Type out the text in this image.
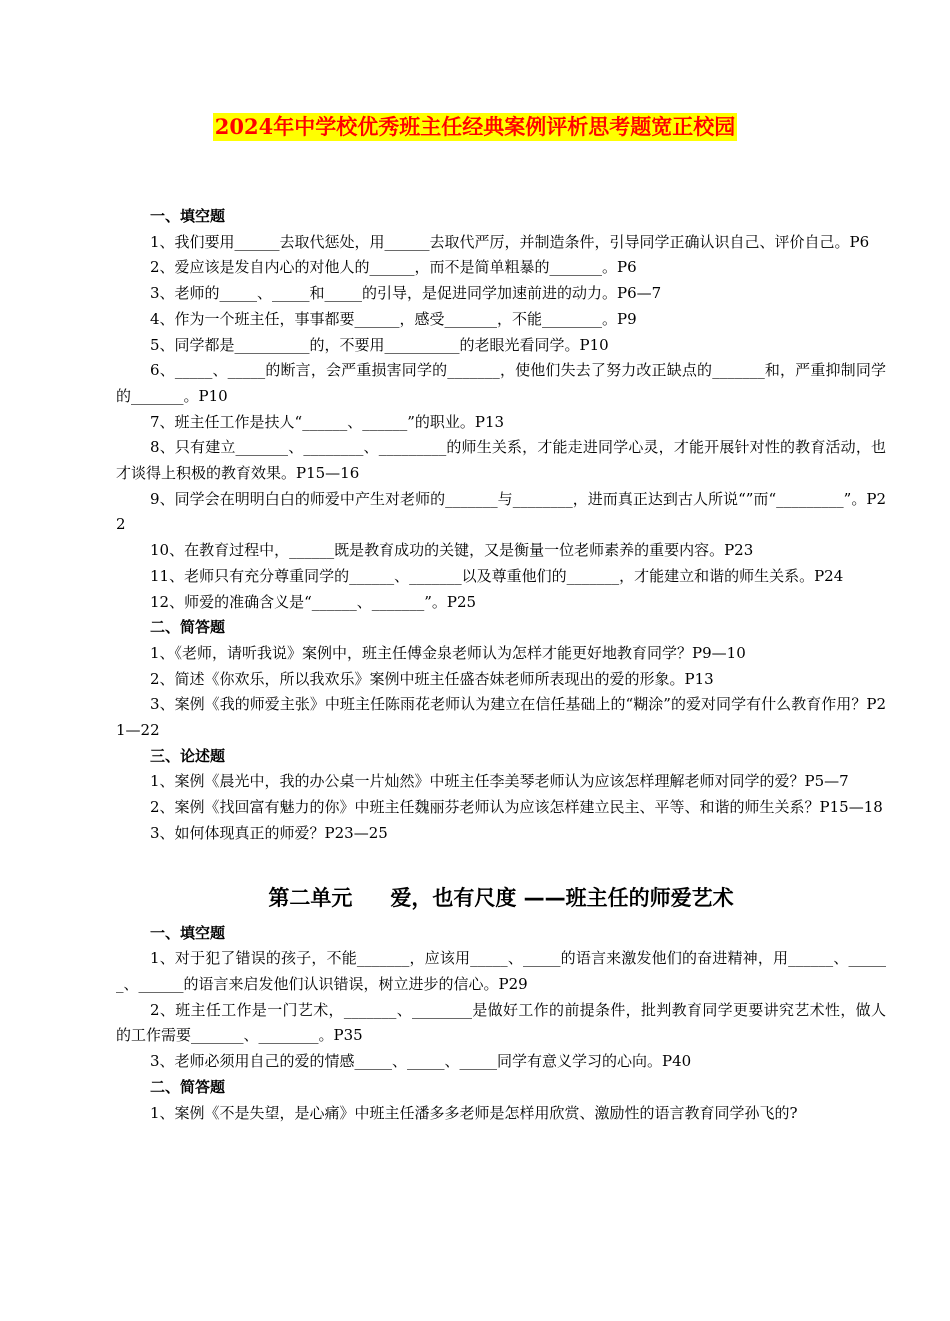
2024年中学校优秀班主任经典案例评析思考题宽正校园

一、填空题

1、我们要用______去取代惩处，用______去取代严厉，并制造条件，引导同学正确认识自己、评价自己。P6

2、爱应该是发自内心的对他人的______，而不是简单粗暴的_______。P6

3、老师的_____、_____和_____的引导，是促进同学加速前进的动力。P6—7

4、作为一个班主任，事事都要______，感受_______，不能________。P9

5、同学都是__________的，不要用__________的老眼光看同学。P10

6、_____、_____的断言，会严重损害同学的_______，使他们失去了努力改正缺点的_______和，严重抑制同学的_______。P10

7、班主任工作是扶人“______、______”的职业。P13

8、只有建立_______、________、_________的师生关系，才能走进同学心灵，才能开展针对性的教育活动，也才谈得上积极的教育效果。P15—16

9、同学会在明明白白的师爱中产生对老师的_______与________，进而真正达到古人所说“”而“_________”。P22

10、在教育过程中，______既是教育成功的关键，又是衡量一位老师素养的重要内容。P23

11、老师只有充分尊重同学的______、_______以及尊重他们的_______，才能建立和谐的师生关系。P24

12、师爱的准确含义是“______、_______”。P25

二、简答题

1、《老师，请听我说》案例中，班主任傅金泉老师认为怎样才能更好地教育同学？P9—10

2、简述《你欢乐，所以我欢乐》案例中班主任盛杏妹老师所表现出的爱的形象。P13

3、案例《我的师爱主张》中班主任陈雨花老师认为建立在信任基础上的“糊涂”的爱对同学有什么教育作用？P21—22

三、论述题

1、案例《晨光中，我的办公桌一片灿然》中班主任李美琴老师认为应该怎样理解老师对同学的爱？P5—7

2、案例《找回富有魅力的你》中班主任魏丽芬老师认为应该怎样建立民主、平等、和谐的师生关系？P15—18

3、如何体现真正的师爱？P23—25

第二单元 爱，也有尺度 ——班主任的师爱艺术

一、填空题

1、对于犯了错误的孩子，不能_______，应该用_____、_____的语言来激发他们的奋进精神，用______、______、______的语言来启发他们认识错误，树立进步的信心。P29

2、班主任工作是一门艺术，_______、________是做好工作的前提条件，批判教育同学更要讲究艺术性，做人的工作需要_______、________。P35

3、老师必须用自己的爱的情感_____、_____、_____同学有意义学习的心向。P40

二、简答题

1、案例《不是失望，是心痛》中班主任潘多多老师是怎样用欣赏、激励性的语言教育同学孙飞的?
